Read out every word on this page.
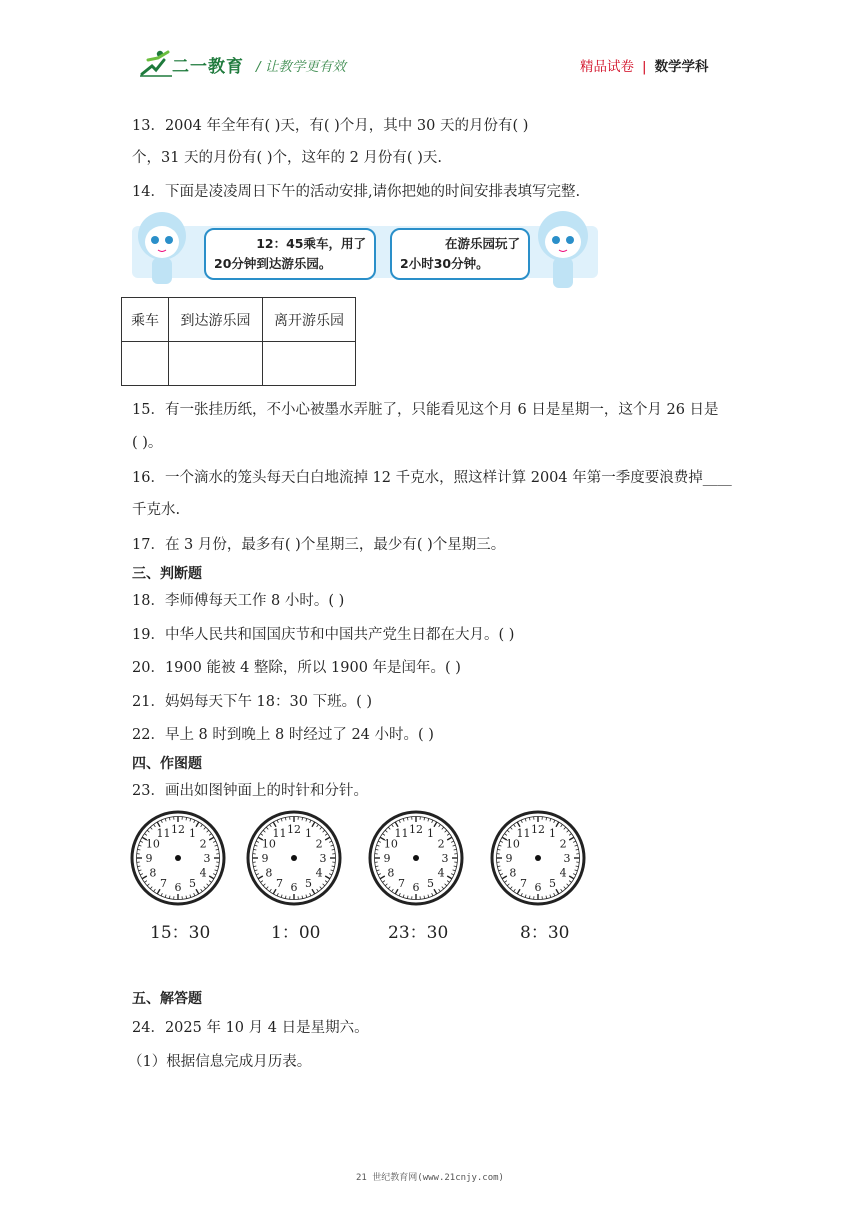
二一教育 / 让教学更有效	精品试卷 | 数学学科
13．2004 年全年有( )天，有( )个月，其中 30 天的月份有( )
个，31 天的月份有( )个，这年的 2 月份有( )天.
14．下面是凌凌周日下午的活动安排,请你把她的时间安排表填写完整.
12：45乘车，用了
20分钟到达游乐园。
在游乐园玩了
2小时30分钟。
乘车	到达游乐园	离开游乐园

15．有一张挂历纸，不小心被墨水弄脏了，只能看见这个月 6 日是星期一，这个月 26 日是
( )。
16．一个滴水的笼头每天白白地流掉 12 千克水，照这样计算 2004 年第一季度要浪费掉____
千克水.
17．在 3 月份，最多有( )个星期三，最少有( )个星期三。
三、判断题
18．李师傅每天工作 8 小时。( )
19．中华人民共和国国庆节和中国共产党生日都在大月。( )
20．1900 能被 4 整除，所以 1900 年是闰年。( )
21．妈妈每天下午 18：30 下班。( )
22．早上 8 时到晚上 8 时经过了 24 小时。( )
四、作图题
23．画出如图钟面上的时针和分针。
1
2
3
4
5
6
7
8
9
10
11 12	1
2
3
4
5
6
7
8
9
10
11 12	1
2
3
4
5
6
7
8
9
10
11 12	1
2
3
4
5
6
7
8
9
10
11 12
15：30	1：00	23：30	8：30
五、解答题
24．2025 年 10 月 4 日是星期六。
（1）根据信息完成月历表。
21 世纪教育网(www.21cnjy.com)
